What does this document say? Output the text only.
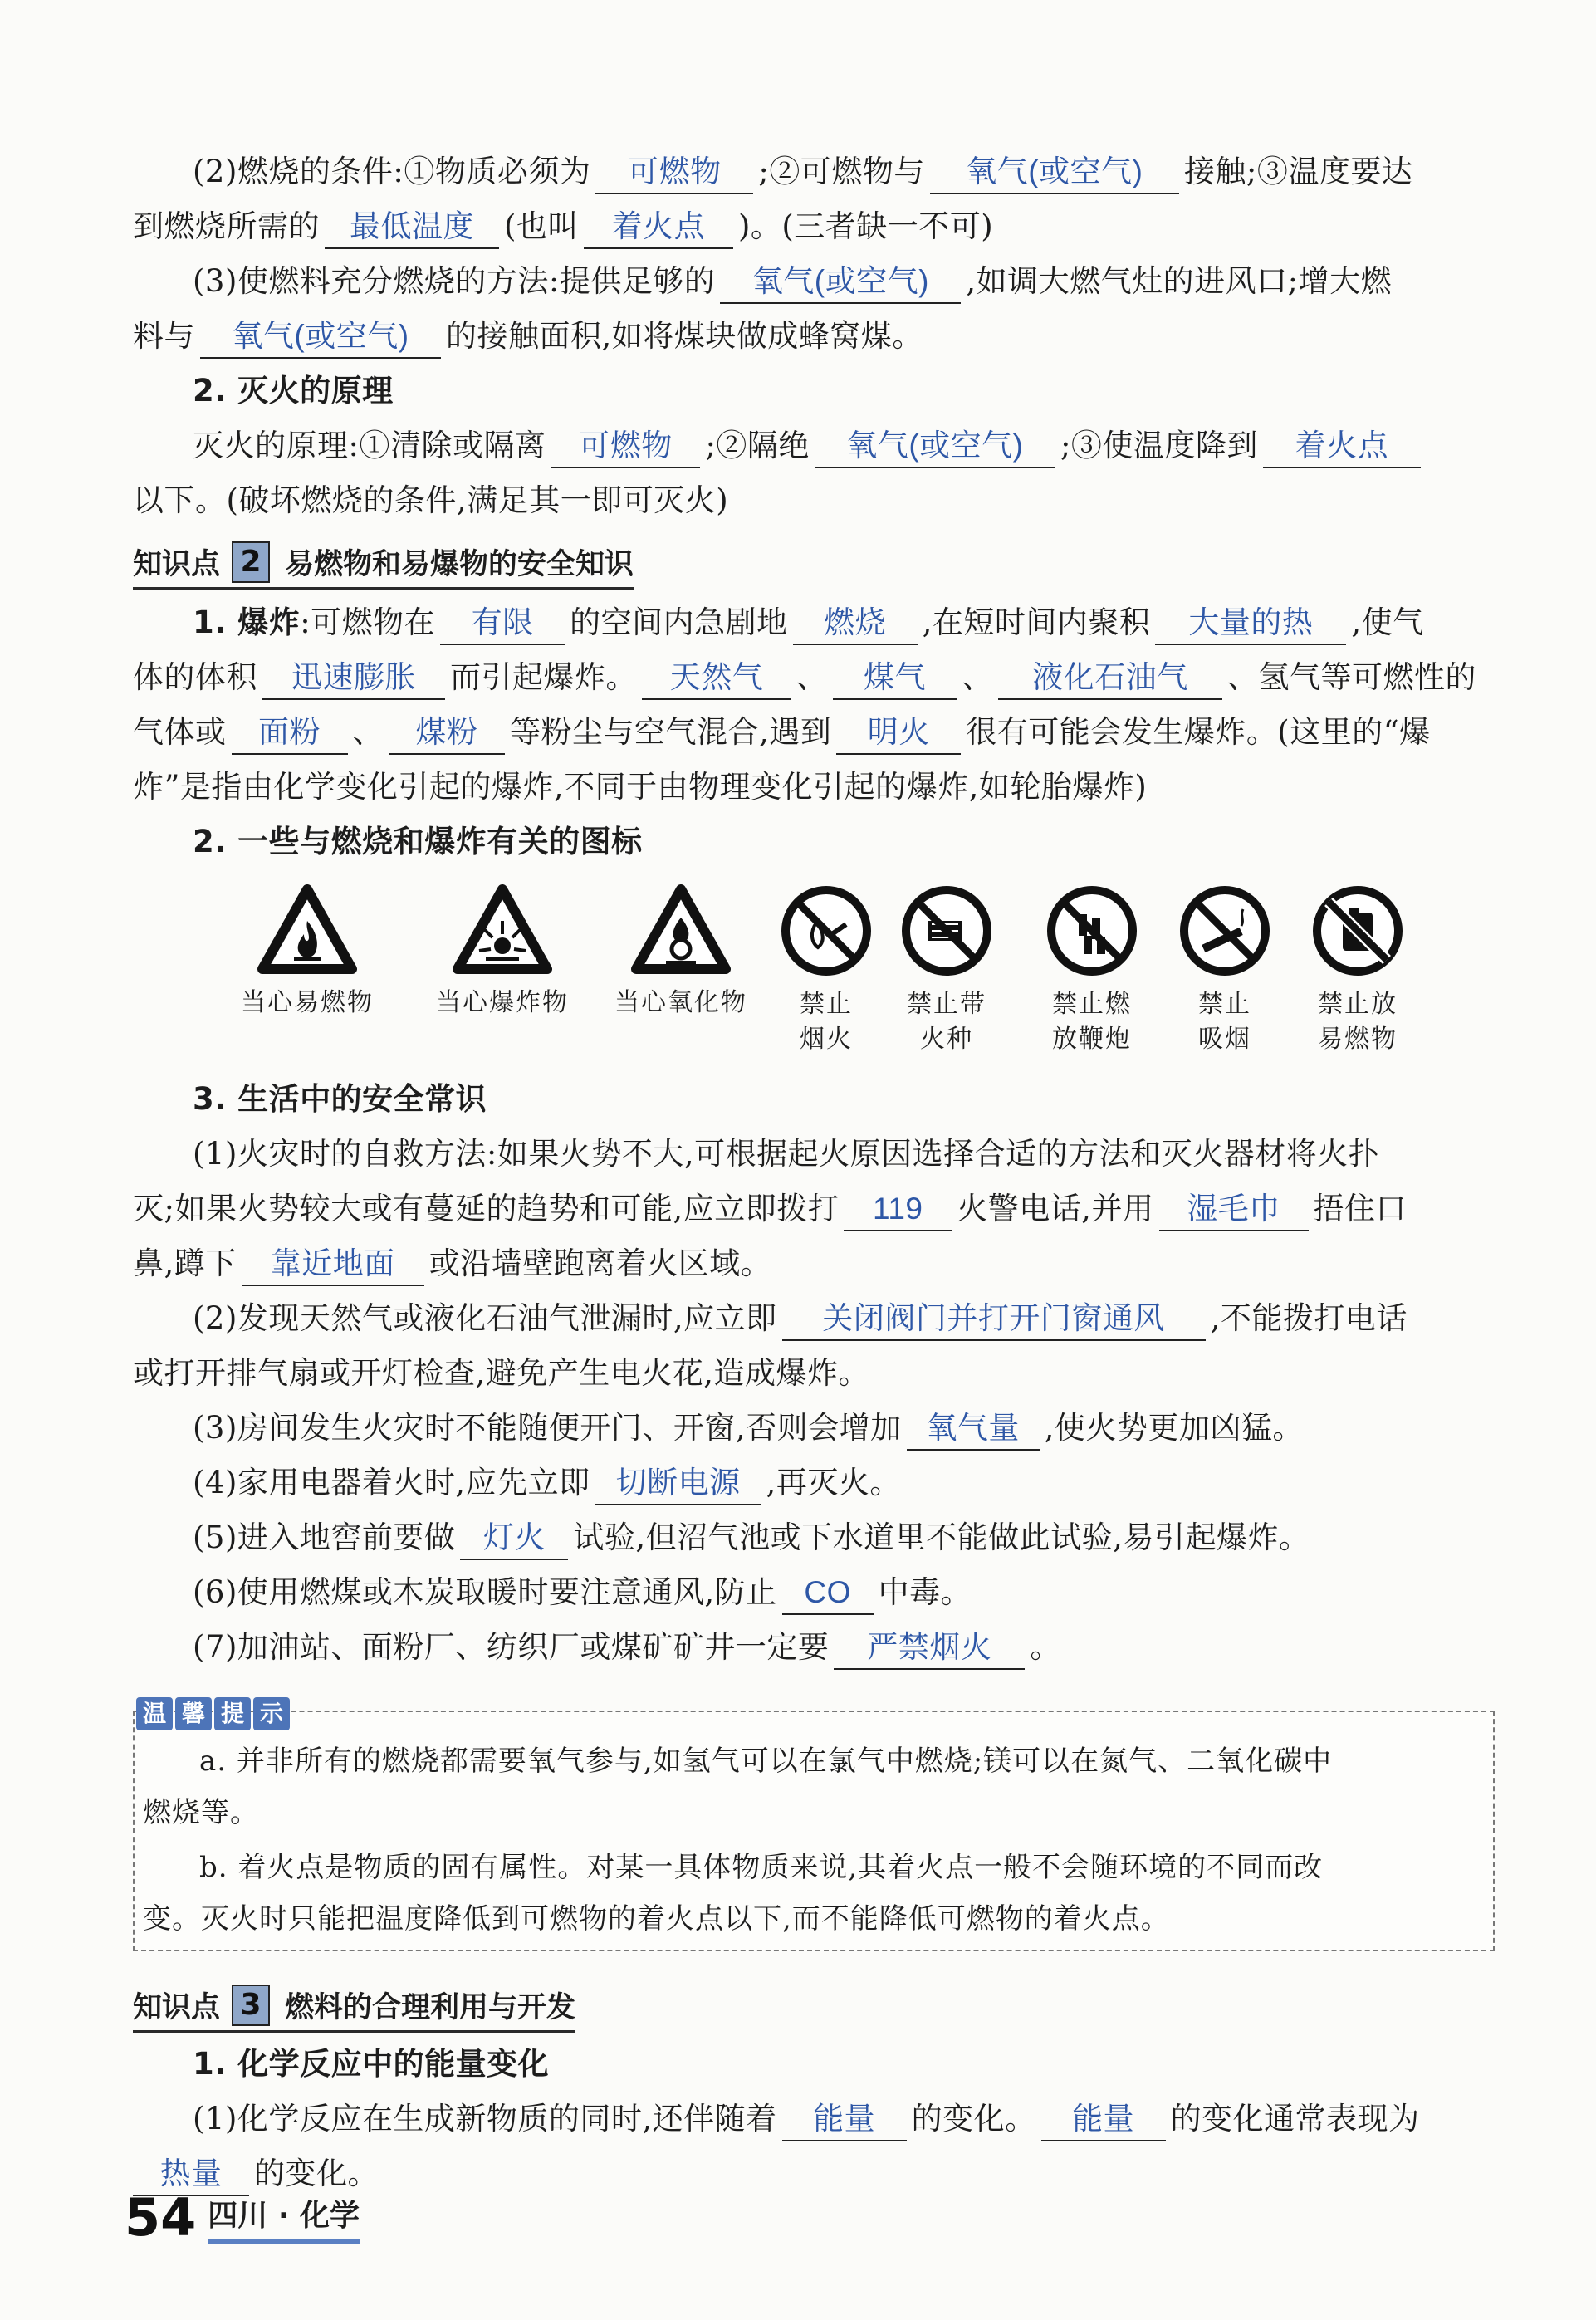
(2)燃烧的条件:①物质必须为 可燃物 ;②可燃物与 氧气(或空气) 接触;③温度要达
到燃烧所需的 最低温度 (也叫 着火点 )。(三者缺一不可)
(3)使燃料充分燃烧的方法:提供足够的 氧气(或空气) ,如调大燃气灶的进风口;增大燃
料与 氧气(或空气) 的接触面积,如将煤块做成蜂窝煤。
2. 灭火的原理
灭火的原理:①清除或隔离 可燃物 ;②隔绝 氧气(或空气) ;③使温度降到 着火点
以下。(破坏燃烧的条件,满足其一即可灭火)
知识点 2 易燃物和易爆物的安全知识
1. 爆炸:可燃物在 有限 的空间内急剧地 燃烧 ,在短时间内聚积 大量的热 ,使气
体的体积 迅速膨胀 而引起爆炸。 天然气 、 煤气 、 液化石油气 、氢气等可燃性的
气体或 面粉 、 煤粉 等粉尘与空气混合,遇到 明火 很有可能会发生爆炸。(这里的“爆
炸”是指由化学变化引起的爆炸,不同于由物理变化引起的爆炸,如轮胎爆炸)
2. 一些与燃烧和爆炸有关的图标
当心易燃物	当心爆炸物	当心氧化物	禁止
烟火
禁止带
火种
禁止燃
放鞭炮
禁止
吸烟
禁止放
易燃物
3. 生活中的安全常识
(1)火灾时的自救方法:如果火势不大,可根据起火原因选择合适的方法和灭火器材将火扑
灭;如果火势较大或有蔓延的趋势和可能,应立即拨打 119 火警电话,并用 湿毛巾 捂住口
鼻,蹲下 靠近地面 或沿墙壁跑离着火区域。
(2)发现天然气或液化石油气泄漏时,应立即 关闭阀门并打开门窗通风 ,不能拨打电话
或打开排气扇或开灯检查,避免产生电火花,造成爆炸。
(3)房间发生火灾时不能随便开门、开窗,否则会增加 氧气量 ,使火势更加凶猛。
(4)家用电器着火时,应先立即 切断电源 ,再灭火。
(5)进入地窖前要做 灯火 试验,但沼气池或下水道里不能做此试验,易引起爆炸。
(6)使用燃煤或木炭取暖时要注意通风,防止 CO 中毒。
(7)加油站、面粉厂、纺织厂或煤矿矿井一定要 严禁烟火 。
温 馨 提 示
a. 并非所有的燃烧都需要氧气参与,如氢气可以在氯气中燃烧;镁可以在氮气、二氧化碳中
燃烧等。
b. 着火点是物质的固有属性。对某一具体物质来说,其着火点一般不会随环境的不同而改
变。灭火时只能把温度降低到可燃物的着火点以下,而不能降低可燃物的着火点。
知识点 3 燃料的合理利用与开发
1. 化学反应中的能量变化
(1)化学反应在生成新物质的同时,还伴随着 能量 的变化。 能量 的变化通常表现为
热量 的变化。
54 四川 · 化学
